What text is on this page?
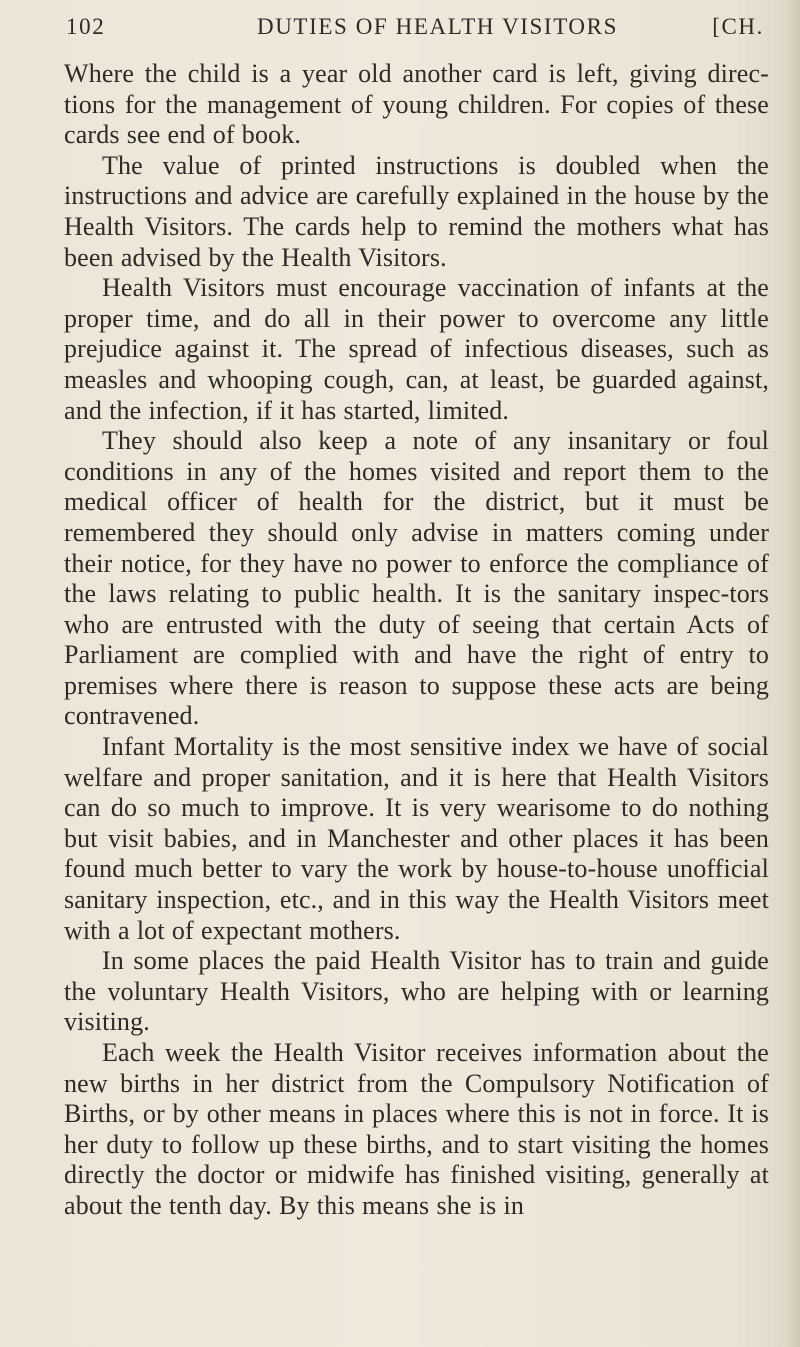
102	DUTIES OF HEALTH VISITORS	[CH.

Where the child is a year old another card is left, giving direc-tions for the management of young children. For copies of these cards see end of book.

The value of printed instructions is doubled when the instructions and advice are carefully explained in the house by the Health Visitors. The cards help to remind the mothers what has been advised by the Health Visitors.

Health Visitors must encourage vaccination of infants at the proper time, and do all in their power to overcome any little prejudice against it. The spread of infectious diseases, such as measles and whooping cough, can, at least, be guarded against, and the infection, if it has started, limited.

They should also keep a note of any insanitary or foul conditions in any of the homes visited and report them to the medical officer of health for the district, but it must be remembered they should only advise in matters coming under their notice, for they have no power to enforce the compliance of the laws relating to public health. It is the sanitary inspec-tors who are entrusted with the duty of seeing that certain Acts of Parliament are complied with and have the right of entry to premises where there is reason to suppose these acts are being contravened.

Infant Mortality is the most sensitive index we have of social welfare and proper sanitation, and it is here that Health Visitors can do so much to improve. It is very wearisome to do nothing but visit babies, and in Manchester and other places it has been found much better to vary the work by house-to-house unofficial sanitary inspection, etc., and in this way the Health Visitors meet with a lot of expectant mothers.

In some places the paid Health Visitor has to train and guide the voluntary Health Visitors, who are helping with or learning visiting.

Each week the Health Visitor receives information about the new births in her district from the Compulsory Notification of Births, or by other means in places where this is not in force. It is her duty to follow up these births, and to start visiting the homes directly the doctor or midwife has finished visiting, generally at about the tenth day. By this means she is in
